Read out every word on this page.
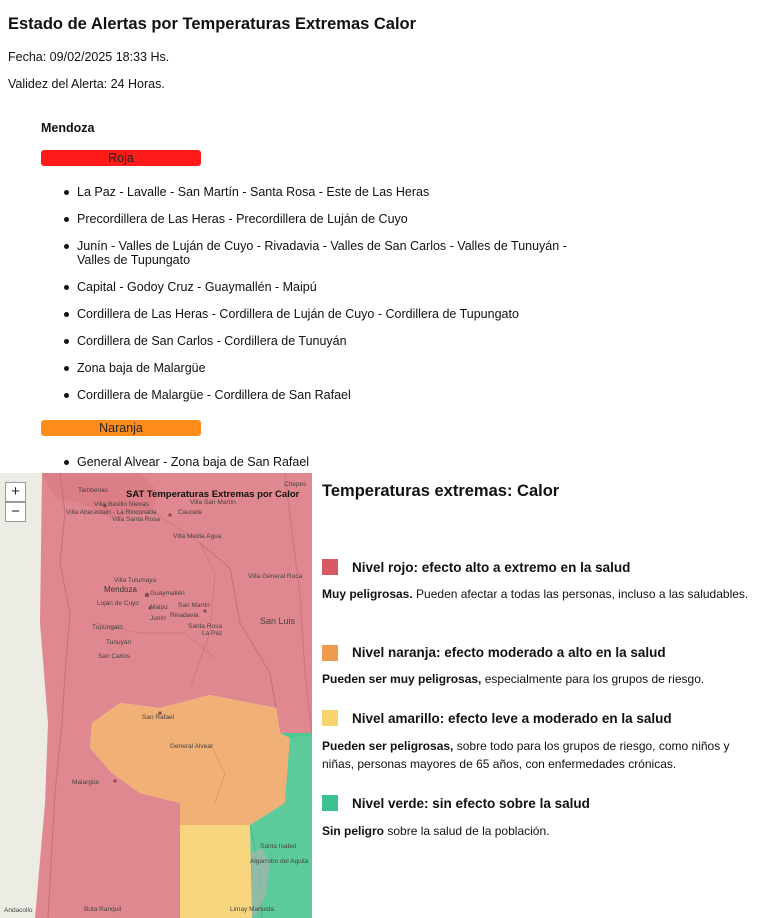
Estado de Alertas por Temperaturas Extremas Calor

Fecha: 09/02/2025 18:33 Hs.

Validez del Alerta: 24 Horas.

Mendoza

Roja
La Paz - Lavalle - San Martín - Santa Rosa - Este de Las Heras
Precordillera de Las Heras - Precordillera de Luján de Cuyo
Junín - Valles de Luján de Cuyo - Rivadavia - Valles de San Carlos - Valles de Tunuyán - Valles de Tupungato
Capital - Godoy Cruz - Guaymallén - Maipú
Cordillera de Las Heras - Cordillera de Luján de Cuyo - Cordillera de Tupungato
Cordillera de San Carlos - Cordillera de Tunuyán
Zona baja de Malargüe
Cordillera de Malargüe - Cordillera de San Rafael
Naranja
General Alvear - Zona baja de San Rafael
+
−
SAT Temperaturas Extremas por Calor
Tamberias
Villa Basilio Nievas
Villa Aberastain - La Rinconada
Villa Santa Rosa
Caucete
Chepes
Villa San Martín
Villa Media Agua
Villa Tulumaya
Mendoza Guaymallén
Luján de Cuyo
Maipú San Martín
Junín Rivadavia
Tupungato
Tunuyán
Santa Rosa
La Paz
San Carlos
Villa General Roca
San Luis
San Rafael
General Alvear
Malargüe
Santa Isabel
Algarrobo del Aguila
Limay Mahuida
Buta Ranquil
Andacollo
Temperaturas extremas: Calor

Nivel rojo: efecto alto a extremo en la salud

Muy peligrosas. Pueden afectar a todas las personas, incluso a las saludables.

Nivel naranja: efecto moderado a alto en la salud

Pueden ser muy peligrosas, especialmente para los grupos de riesgo.

Nivel amarillo: efecto leve a moderado en la salud

Pueden ser peligrosas, sobre todo para los grupos de riesgo, como niños y niñas, personas mayores de 65 años, con enfermedades crónicas.

Nivel verde: sin efecto sobre la salud

Sin peligro sobre la salud de la población.
